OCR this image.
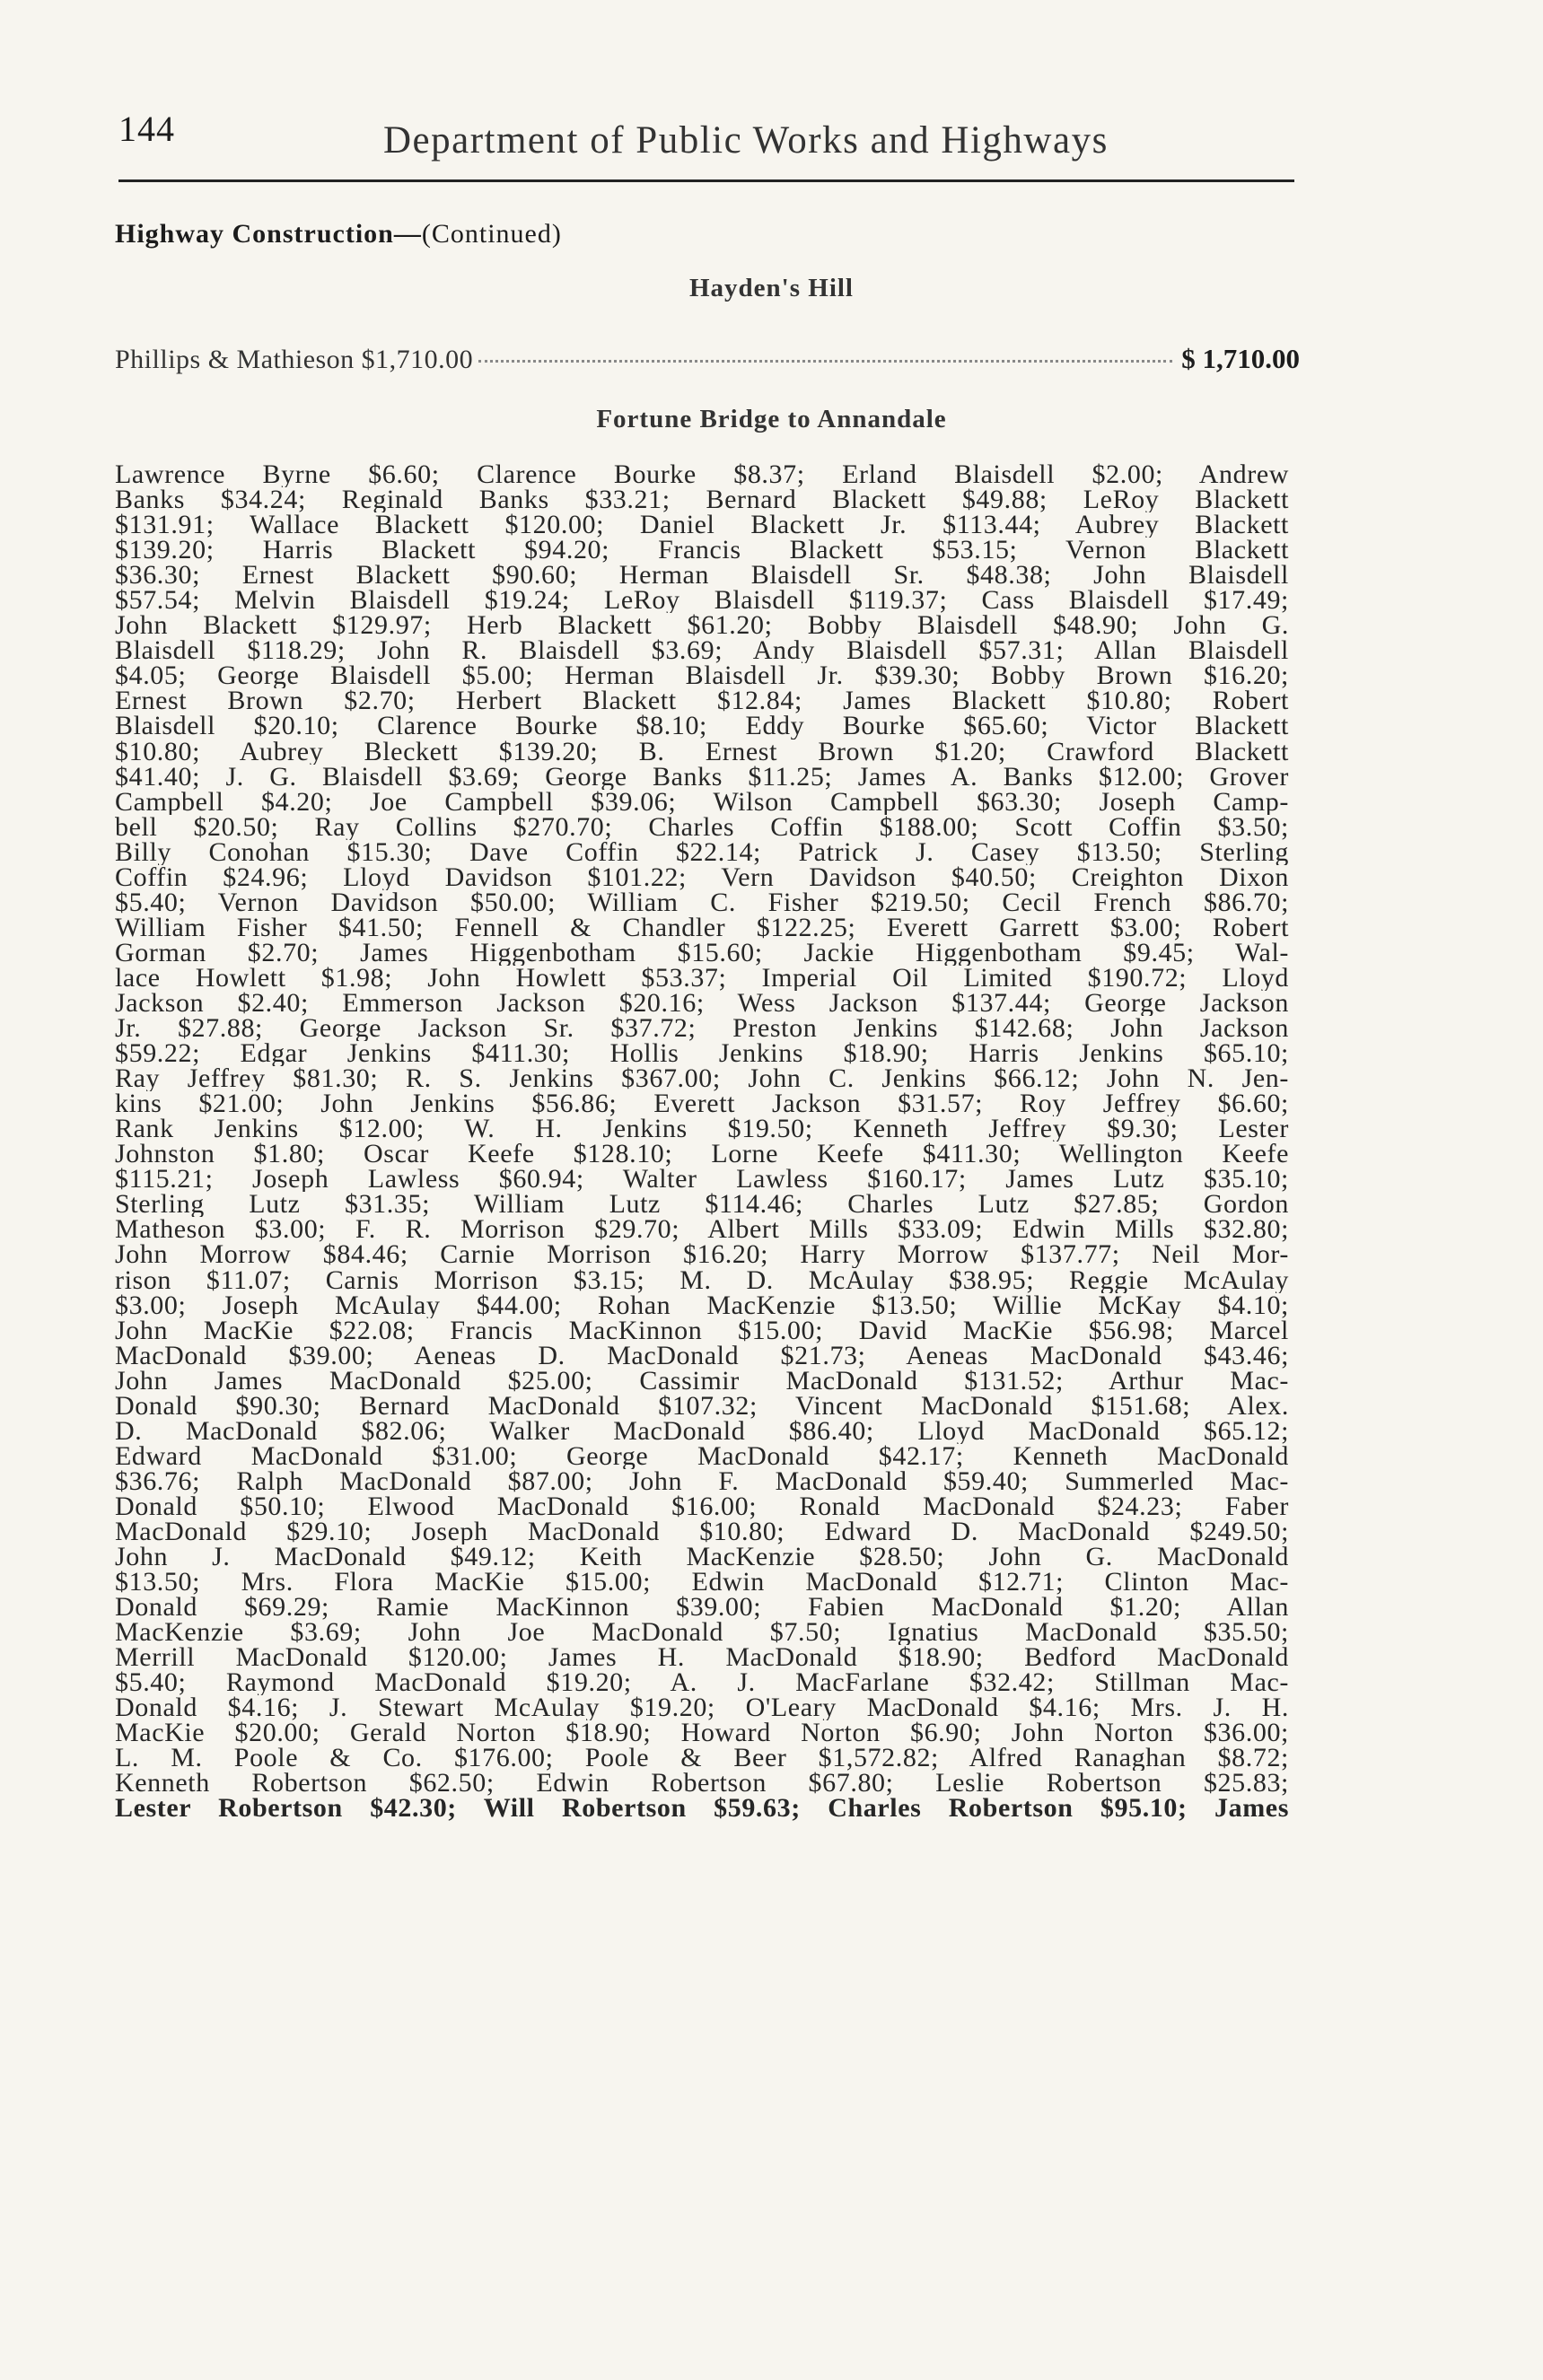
144	Department of Public Works and Highways
Highway Construction—(Continued)
Hayden's Hill
Phillips & Mathieson $1,710.00	$ 1,710.00
Fortune Bridge to Annandale
Lawrence Byrne $6.60; Clarence Bourke $8.37; Erland Blaisdell $2.00; Andrew
Banks $34.24; Reginald Banks $33.21; Bernard Blackett $49.88; LeRoy Blackett
$131.91; Wallace Blackett $120.00; Daniel Blackett Jr. $113.44; Aubrey Blackett
$139.20; Harris Blackett $94.20; Francis Blackett $53.15; Vernon Blackett
$36.30; Ernest Blackett $90.60; Herman Blaisdell Sr. $48.38; John Blaisdell
$57.54; Melvin Blaisdell $19.24; LeRoy Blaisdell $119.37; Cass Blaisdell $17.49;
John Blackett $129.97; Herb Blackett $61.20; Bobby Blaisdell $48.90; John G.
Blaisdell $118.29; John R. Blaisdell $3.69; Andy Blaisdell $57.31; Allan Blaisdell
$4.05; George Blaisdell $5.00; Herman Blaisdell Jr. $39.30; Bobby Brown $16.20;
Ernest Brown $2.70; Herbert Blackett $12.84; James Blackett $10.80; Robert
Blaisdell $20.10; Clarence Bourke $8.10; Eddy Bourke $65.60; Victor Blackett
$10.80; Aubrey Bleckett $139.20; B. Ernest Brown $1.20; Crawford Blackett
$41.40; J. G. Blaisdell $3.69; George Banks $11.25; James A. Banks $12.00; Grover
Campbell $4.20; Joe Campbell $39.06; Wilson Campbell $63.30; Joseph Camp-
bell $20.50; Ray Collins $270.70; Charles Coffin $188.00; Scott Coffin $3.50;
Billy Conohan $15.30; Dave Coffin $22.14; Patrick J. Casey $13.50; Sterling
Coffin $24.96; Lloyd Davidson $101.22; Vern Davidson $40.50; Creighton Dixon
$5.40; Vernon Davidson $50.00; William C. Fisher $219.50; Cecil French $86.70;
William Fisher $41.50; Fennell & Chandler $122.25; Everett Garrett $3.00; Robert
Gorman $2.70; James Higgenbotham $15.60; Jackie Higgenbotham $9.45; Wal-
lace Howlett $1.98; John Howlett $53.37; Imperial Oil Limited $190.72; Lloyd
Jackson $2.40; Emmerson Jackson $20.16; Wess Jackson $137.44; George Jackson
Jr. $27.88; George Jackson Sr. $37.72; Preston Jenkins $142.68; John Jackson
$59.22; Edgar Jenkins $411.30; Hollis Jenkins $18.90; Harris Jenkins $65.10;
Ray Jeffrey $81.30; R. S. Jenkins $367.00; John C. Jenkins $66.12; John N. Jen-
kins $21.00; John Jenkins $56.86; Everett Jackson $31.57; Roy Jeffrey $6.60;
Rank Jenkins $12.00; W. H. Jenkins $19.50; Kenneth Jeffrey $9.30; Lester
Johnston $1.80; Oscar Keefe $128.10; Lorne Keefe $411.30; Wellington Keefe
$115.21; Joseph Lawless $60.94; Walter Lawless $160.17; James Lutz $35.10;
Sterling Lutz $31.35; William Lutz $114.46; Charles Lutz $27.85; Gordon
Matheson $3.00; F. R. Morrison $29.70; Albert Mills $33.09; Edwin Mills $32.80;
John Morrow $84.46; Carnie Morrison $16.20; Harry Morrow $137.77; Neil Mor-
rison $11.07; Carnis Morrison $3.15; M. D. McAulay $38.95; Reggie McAulay
$3.00; Joseph McAulay $44.00; Rohan MacKenzie $13.50; Willie McKay $4.10;
John MacKie $22.08; Francis MacKinnon $15.00; David MacKie $56.98; Marcel
MacDonald $39.00; Aeneas D. MacDonald $21.73; Aeneas MacDonald $43.46;
John James MacDonald $25.00; Cassimir MacDonald $131.52; Arthur Mac-
Donald $90.30; Bernard MacDonald $107.32; Vincent MacDonald $151.68; Alex.
D. MacDonald $82.06; Walker MacDonald $86.40; Lloyd MacDonald $65.12;
Edward MacDonald $31.00; George MacDonald $42.17; Kenneth MacDonald
$36.76; Ralph MacDonald $87.00; John F. MacDonald $59.40; Summerled Mac-
Donald $50.10; Elwood MacDonald $16.00; Ronald MacDonald $24.23; Faber
MacDonald $29.10; Joseph MacDonald $10.80; Edward D. MacDonald $249.50;
John J. MacDonald $49.12; Keith MacKenzie $28.50; John G. MacDonald
$13.50; Mrs. Flora MacKie $15.00; Edwin MacDonald $12.71; Clinton Mac-
Donald $69.29; Ramie MacKinnon $39.00; Fabien MacDonald $1.20; Allan
MacKenzie $3.69; John Joe MacDonald $7.50; Ignatius MacDonald $35.50;
Merrill MacDonald $120.00; James H. MacDonald $18.90; Bedford MacDonald
$5.40; Raymond MacDonald $19.20; A. J. MacFarlane $32.42; Stillman Mac-
Donald $4.16; J. Stewart McAulay $19.20; O'Leary MacDonald $4.16; Mrs. J. H.
MacKie $20.00; Gerald Norton $18.90; Howard Norton $6.90; John Norton $36.00;
L. M. Poole & Co. $176.00; Poole & Beer $1,572.82; Alfred Ranaghan $8.72;
Kenneth Robertson $62.50; Edwin Robertson $67.80; Leslie Robertson $25.83;
Lester Robertson $42.30; Will Robertson $59.63; Charles Robertson $95.10; James
